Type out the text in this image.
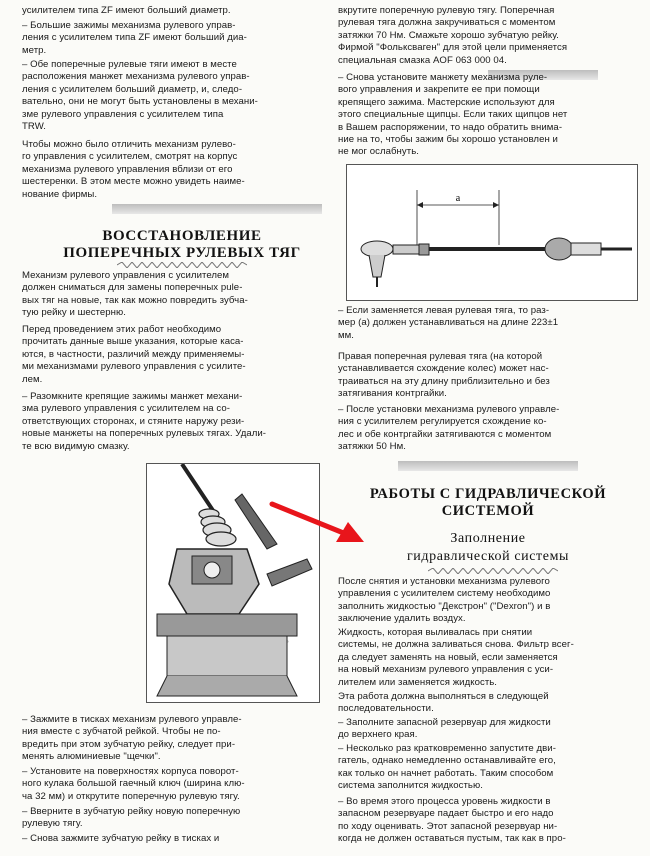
усилителем типа ZF имеют больший диаметр.

– Большие зажимы механизма рулевого управ-
ления с усилителем типа ZF имеют больший диа-
метр.

– Обе поперечные рулевые тяги имеют в месте
расположения манжет механизма рулевого управ-
ления с усилителем больший диаметр, и, следо-
вательно, они не могут быть установлены в механи-
зме рулевого управления с усилителем типа
TRW.

Чтобы можно было отличить механизм рулево-
го управления с усилителем, смотрят на корпус
механизма рулевого управления вблизи от его
шестеренки. В этом месте можно увидеть наиме-
нование фирмы.

ВОССТАНОВЛЕНИЕ
ПОПЕРЕЧНЫХ РУЛЕВЫХ ТЯГ

Механизм рулевого управления с усилителем
должен сниматься для замены поперечных рule-
вых тяг на новые, так как можно повредить зубча-
тую рейку и шестерню.

Перед проведением этих работ необходимо
прочитать данные выше указания, которые каса-
ются, в частности, различий между применяемы-
ми механизмами рулевого управления с усилите-
лем.

– Разомкните крепящие зажимы манжет механи-
зма рулевого управления с усилителем на со-
ответствующих сторонах, и стяните наружу рези-
новые манжеты на поперечных рулевых тягах. Удали-
те всю видимую смазку.

– Зажмите в тисках механизм рулевого управле-
ния вместе с зубчатой рейкой. Чтобы не по-
вредить при этом зубчатую рейку, следует при-
менять алюминиевые "щечки".

– Установите на поверхностях корпуса поворот-
ного кулака большой гаечный ключ (ширина клю-
ча 32 мм) и открутите поперечную рулевую тягу.

– Вверните в зубчатую рейку новую поперечную
рулевую тягу.

– Снова зажмите зубчатую рейку в тисках и

вкрутите поперечную рулевую тягу. Поперечная
рулевая тяга должна закручиваться с моментом
затяжки 70 Нм. Смажьте хорошо зубчатую рейку.
Фирмой "Фольксваген" для этой цели применяется
специальная смазка AOF 063 000 04.

– Снова установите манжету механизма руле-
вого управления и закрепите ее при помощи
крепящего зажима. Мастерские используют для
этого специальные щипцы. Если таких щипцов нет
в Вашем распоряжении, то надо обратить внима-
ние на то, чтобы зажим бы хорошо установлен и
не мог ослабнуть.

a

– Если заменяется левая рулевая тяга, то раз-
мер (a) должен устанавливаться на длине 223±1
мм.

Правая поперечная рулевая тяга (на которой
устанавливается схождение колес) может нас-
траиваться на эту длину приблизительно и без
затягивания контргайки.

– После установки механизма рулевого управле-
ния с усилителем регулируется схождение ко-
лес и обе контргайки затягиваются с моментом
затяжки 50 Нм.

РАБОТЫ С ГИДРАВЛИЧЕСКОЙ
СИСТЕМОЙ
Заполнение
гидравлической системы

После снятия и установки механизма рулевого
управления с усилителем систему необходимо
заполнить жидкостью "Декстрон" ("Dexron") и в
заключение удалить воздух.

Жидкость, которая выливалась при снятии
системы, не должна заливаться снова. Фильтр всег-
да следует заменять на новый, если заменяется
на новый механизм рулевого управления с уси-
лителем или заменяется жидкость.

Эта работа должна выполняться в следующей
последовательности.

– Заполните запасной резервуар для жидкости
до верхнего края.

– Несколько раз кратковременно запустите дви-
гатель, однако немедленно останавливайте его,
как только он начнет работать. Таким способом
система заполнится жидкостью.

– Во время этого процесса уровень жидкости в
запасном резервуаре падает быстро и его надо
по ходу оценивать. Этот запасной резервуар ни-
когда не должен оставаться пустым, так как в про-
